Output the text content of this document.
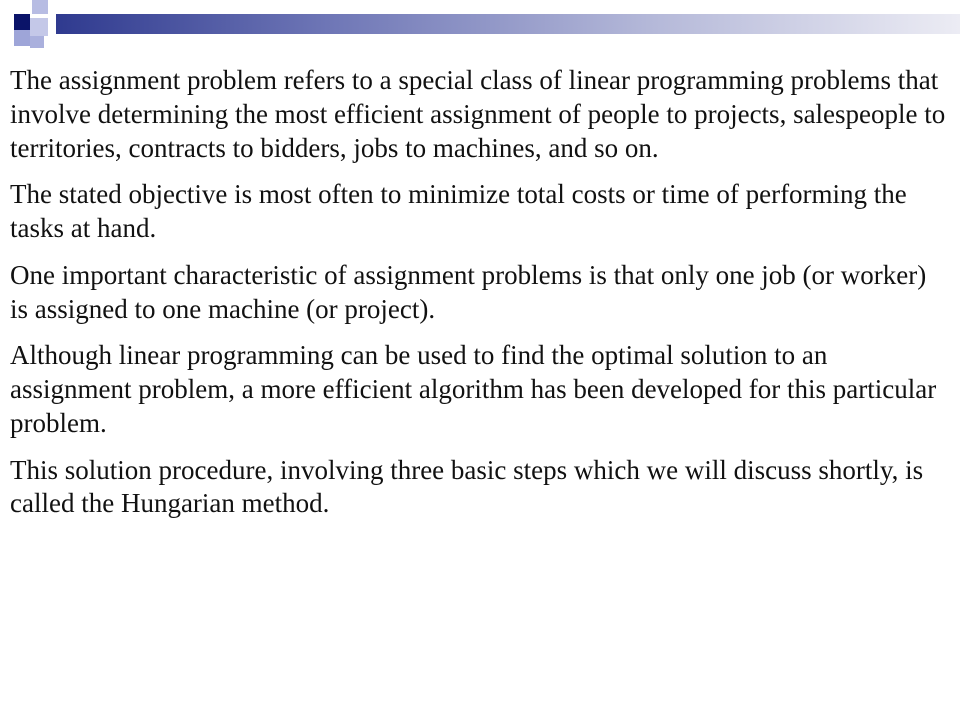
The assignment problem refers to a special class of linear programming problems that involve determining the most efficient assignment of people to projects, salespeople to territories, contracts to bidders, jobs to machines, and so on.

The stated objective is most often to minimize total costs or time of performing the tasks at hand.

One important characteristic of assignment problems is that only one job (or worker) is assigned to one machine (or project).

Although linear programming can be used to find the optimal solution to an assignment problem, a more efficient algorithm has been developed for this particular problem.

This solution procedure, involving three basic steps which we will discuss shortly, is called the Hungarian method.
